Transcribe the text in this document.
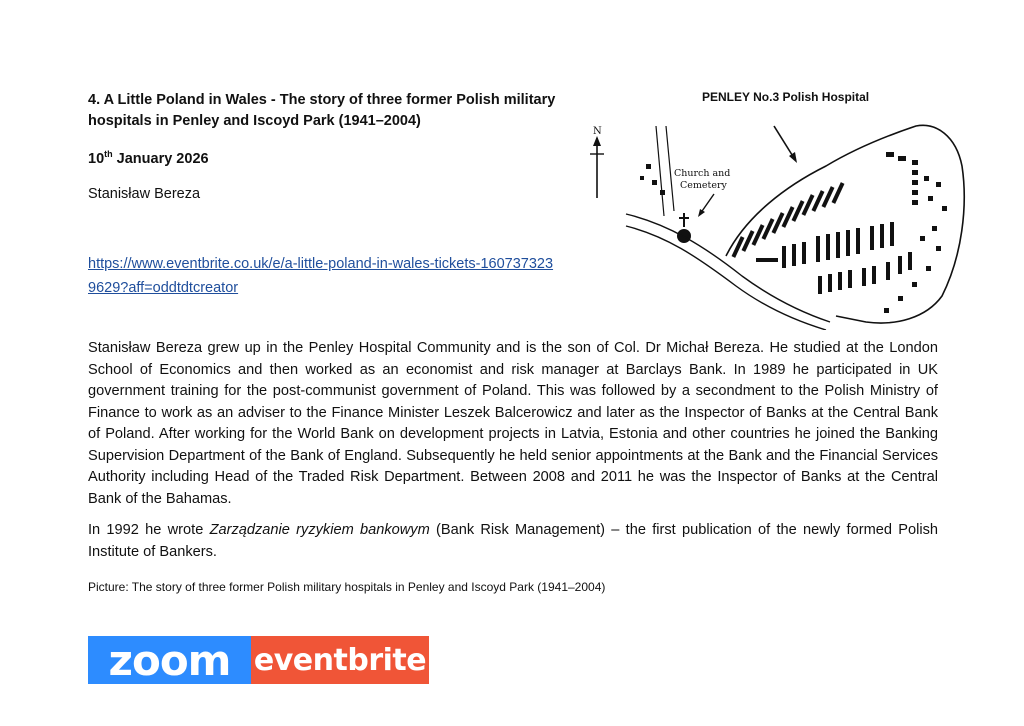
4. A Little Poland in Wales - The story of three former Polish military hospitals in Penley and Iscoyd Park (1941–2004)
10th January 2026
Stanisław Bereza
https://www.eventbrite.co.uk/e/a-little-poland-in-wales-tickets-1607373239629?aff=oddtdtcreator
PENLEY No.3 Polish Hospital
N
Church and
Cemetery
Stanisław Bereza grew up in the Penley Hospital Community and is the son of Col. Dr Michał Bereza. He studied at the London School of Economics and then worked as an economist and risk manager at Barclays Bank. In 1989 he participated in UK government training for the post-communist government of Poland. This was followed by a secondment to the Polish Ministry of Finance to work as an adviser to the Finance Minister Leszek Balcerowicz and later as the Inspector of Banks at the Central Bank of Poland. After working for the World Bank on development projects in Latvia, Estonia and other countries he joined the Banking Supervision Department of the Bank of England. Subsequently he held senior appointments at the Bank and the Financial Services Authority including Head of the Traded Risk Department. Between 2008 and 2011 he was the Inspector of Banks at the Central Bank of the Bahamas.
In 1992 he wrote Zarządzanie ryzykiem bankowym (Bank Risk Management) – the first publication of the newly formed Polish Institute of Bankers.
Picture: The story of three former Polish military hospitals in Penley and Iscoyd Park (1941–2004)
zoom eventbrite
